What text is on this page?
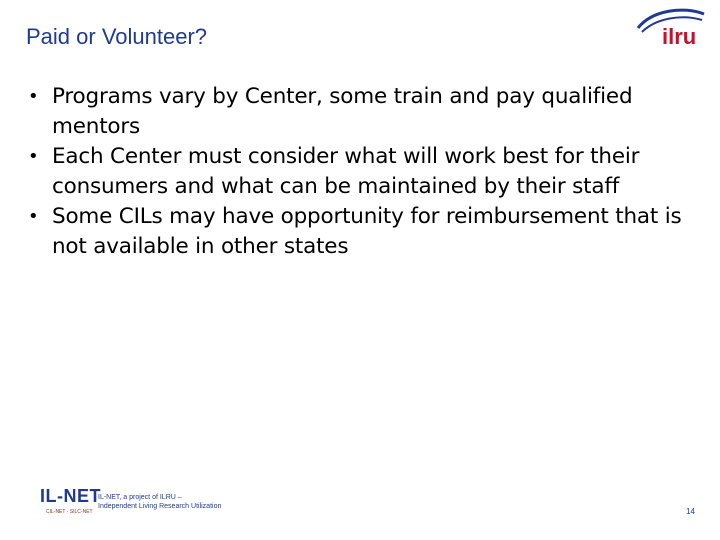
Paid or Volunteer?	ilru
• Programs vary by Center, some train and pay qualified mentors
• Each Center must consider what will work best for their consumers and what can be maintained by their staff
• Some CILs may have opportunity for reimbursement that is not available in other states
IL-NET
CIL-NET · SILC-NET
IL-NET, a project of ILRU –
Independent Living Research Utilization
14
